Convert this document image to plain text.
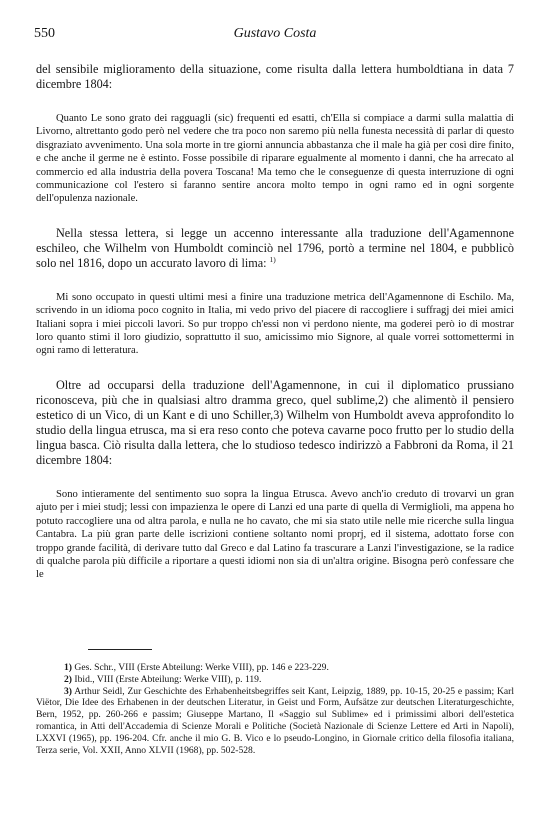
550	Gustavo Costa

del sensibile miglioramento della situazione, come risulta dalla lettera humboldtiana in data 7 dicembre 1804:

Quanto Le sono grato dei ragguagli (sic) frequenti ed esatti, ch'Ella si compiace a darmi sulla malattia di Livorno, altrettanto godo però nel vedere che tra poco non saremo più nella funesta necessità di parlar di questo disgraziato avvenimento. Una sola morte in tre giorni annuncia abbastanza che il male ha già per così dire finito, e che anche il germe ne è estinto. Fosse possibile di riparare egualmente al momento i danni, che ha arrecato al commercio ed alla industria della povera Toscana! Ma temo che le conseguenze di questa interruzione di ogni communicazione col l'estero si faranno sentire ancora molto tempo in ogni ramo ed in ogni sorgente dell'opulenza nazionale.

Nella stessa lettera, si legge un accenno interessante alla traduzione dell'Agamennone eschileo, che Wilhelm von Humboldt cominciò nel 1796, portò a termine nel 1804, e pubblicò solo nel 1816, dopo un accurato lavoro di lima: $^{1)}$

Mi sono occupato in questi ultimi mesi a finire una traduzione metrica dell'Agamennone di Eschilo. Ma, scrivendo in un idioma poco cognito in Italia, mi vedo privo del piacere di raccogliere i suffragj dei miei amici Italiani sopra i miei piccoli lavori. So pur troppo ch'essi non vi perdono niente, ma goderei però io di mostrar loro quanto stimi il loro giudizio, soprattutto il suo, amicissimo mio Signore, al quale vorrei sottomettermi in ogni ramo di letteratura.

Oltre ad occuparsi della traduzione dell'Agamennone, in cui il diplomatico prussiano riconosceva, più che in qualsiasi altro dramma greco, quel sublime,2) che alimentò il pensiero estetico di un Vico, di un Kant e di uno Schiller,3) Wilhelm von Humboldt aveva approfondito lo studio della lingua etrusca, ma si era reso conto che poteva cavarne poco frutto per lo studio della lingua basca. Ciò risulta dalla lettera, che lo studioso tedesco indirizzò a Fabbroni da Roma, il 21 dicembre 1804:

Sono intieramente del sentimento suo sopra la lingua Etrusca. Avevo anch'io creduto di trovarvi un gran ajuto per i miei studj; lessi con impazienza le opere di Lanzi ed una parte di quella di Vermiglioli, ma appena ho potuto raccogliere una od altra parola, e nulla ne ho cavato, che mi sia stato utile nelle mie ricerche sulla lingua Cantabra. La più gran parte delle iscrizioni contiene soltanto nomi proprj, ed il sistema, adottato forse con troppo grande facilità, di derivare tutto dal Greco e dal Latino fa trascurare a Lanzi l'investigazione, se la radice di qualche parola più difficile a riportare a questi idiomi non sia di un'altra origine. Bisogna però confessare che le

1) Ges. Schr., VIII (Erste Abteilung: Werke VIII), pp. 146 e 223-229.

2) Ibid., VIII (Erste Abteilung: Werke VIII), p. 119.

3) Arthur Seidl, Zur Geschichte des Erhabenheitsbegriffes seit Kant, Leipzig, 1889, pp. 10-15, 20-25 e passim; Karl Viëtor, Die Idee des Erhabenen in der deutschen Literatur, in Geist und Form, Aufsätze zur deutschen Literaturgeschichte, Bern, 1952, pp. 260-266 e passim; Giuseppe Martano, Il «Saggio sul Sublime» ed i primissimi albori dell'estetica romantica, in Atti dell'Accademia di Scienze Morali e Politiche (Società Nazionale di Scienze Lettere ed Arti in Napoli), LXXVI (1965), pp. 196-204. Cfr. anche il mio G. B. Vico e lo pseudo-Longino, in Giornale critico della filosofia italiana, Terza serie, Vol. XXII, Anno XLVII (1968), pp. 502-528.
